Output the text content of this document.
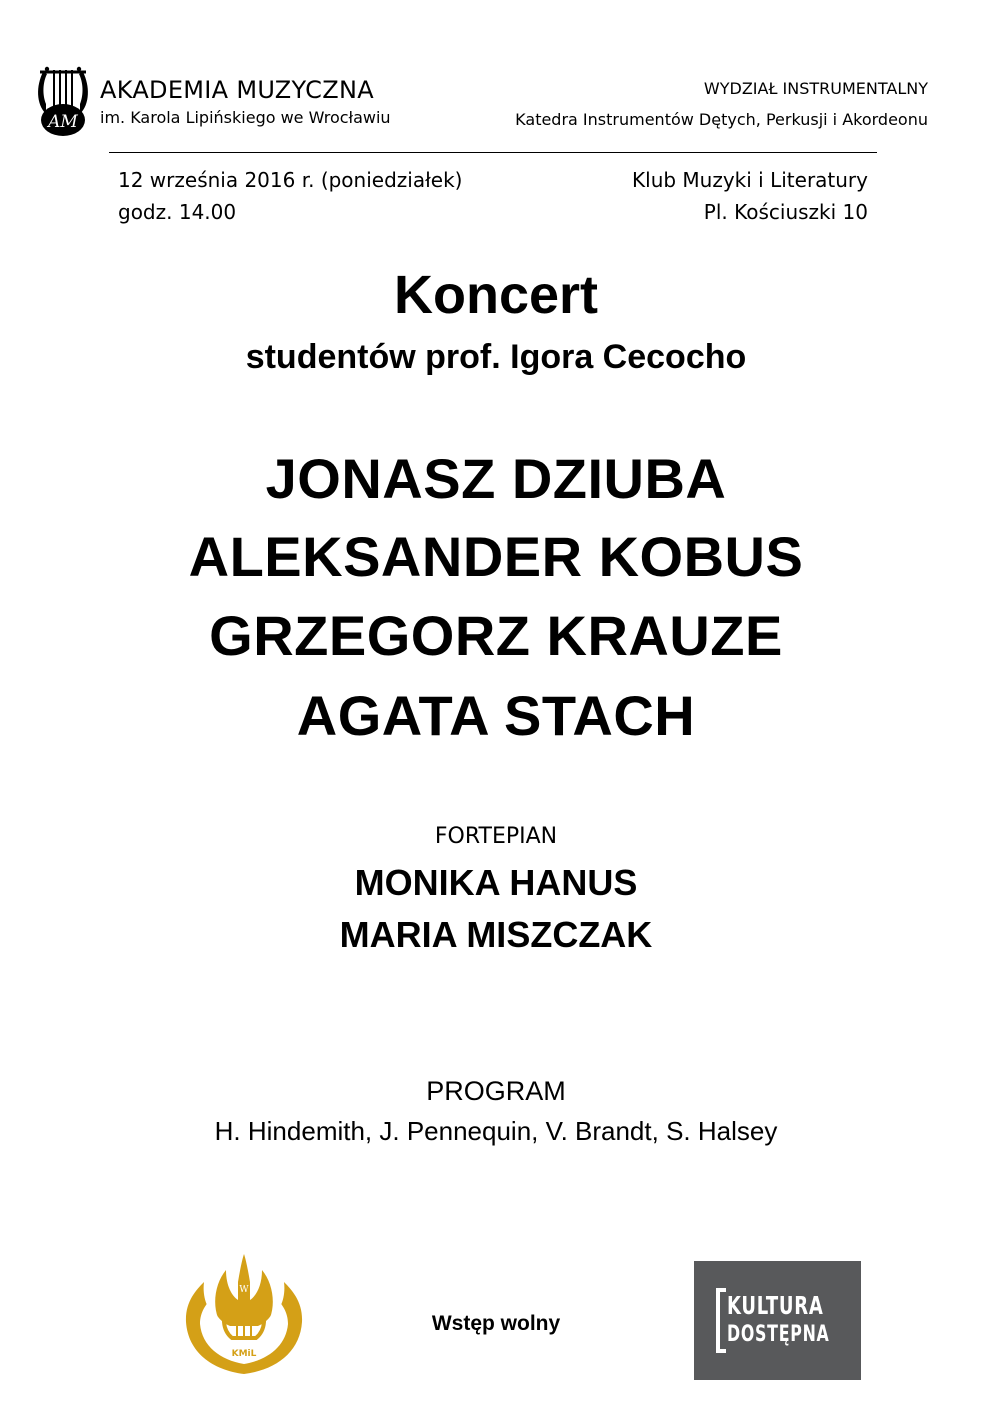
AM
AKADEMIA MUZYCZNA
im. Karola Lipińskiego we Wrocławiu
WYDZIAŁ INSTRUMENTALNY
Katedra Instrumentów Dętych, Perkusji i Akordeonu
12 września 2016 r. (poniedziałek)
godz. 14.00
Klub Muzyki i Literatury
Pl. Kościuszki 10
Koncert
studentów prof. Igora Cecocho
JONASZ DZIUBA
ALEKSANDER KOBUS
GRZEGORZ KRAUZE
AGATA STACH
FORTEPIAN
MONIKA HANUS
MARIA MISZCZAK
PROGRAM
H. Hindemith, J. Pennequin, V. Brandt, S. Halsey
W
KMiL
Wstęp wolny
KULTURA
DOSTĘPNA
